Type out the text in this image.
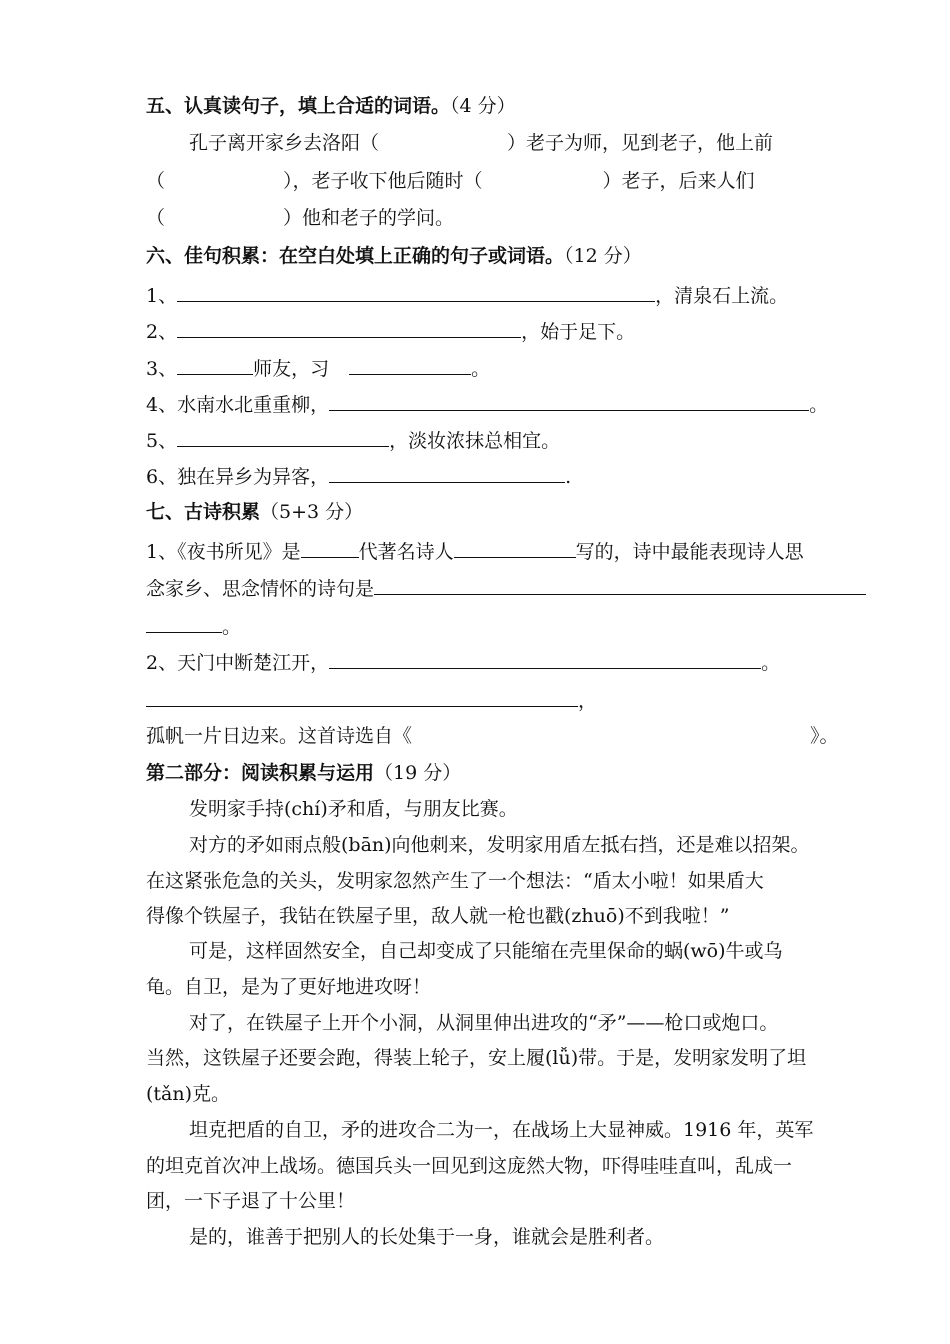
五、认真读句子，填上合适的词语。（4 分）
孔子离开家乡去洛阳（	）老子为师，见到老子，他上前
（	），老子收下他后随时（	）老子，后来人们
（	）他和老子的学问。
六、佳句积累：在空白处填上正确的句子或词语。（12 分）
1、	，清泉石上流。
2、	，始于足下。
3、	师友，习	。
4、水南水北重重柳，	。
5、	，淡妆浓抹总相宜。
6、独在异乡为异客，	.
七、古诗积累（5+3 分）
1、《夜书所见》是	代著名诗人	写的，诗中最能表现诗人思
念家乡、思念情怀的诗句是
。
2、天门中断楚江开，	。
，
孤帆一片日边来。这首诗选自《	》。
第二部分：阅读积累与运用（19 分）
发明家手持(chí)矛和盾，与朋友比赛。
对方的矛如雨点般(bān)向他刺来，发明家用盾左抵右挡，还是难以招架。
在这紧张危急的关头，发明家忽然产生了一个想法：“盾太小啦！如果盾大
得像个铁屋子，我钻在铁屋子里，敌人就一枪也戳(zhuō)不到我啦！”
可是，这样固然安全，自己却变成了只能缩在壳里保命的蜗(wō)牛或乌
龟。自卫，是为了更好地进攻呀！
对了，在铁屋子上开个小洞，从洞里伸出进攻的“矛”——枪口或炮口。
当然，这铁屋子还要会跑，得装上轮子，安上履(lǚ)带。于是，发明家发明了坦
(tǎn)克。
坦克把盾的自卫，矛的进攻合二为一，在战场上大显神威。1916 年，英军
的坦克首次冲上战场。德国兵头一回见到这庞然大物，吓得哇哇直叫，乱成一
团，一下子退了十公里！
是的，谁善于把别人的长处集于一身，谁就会是胜利者。
